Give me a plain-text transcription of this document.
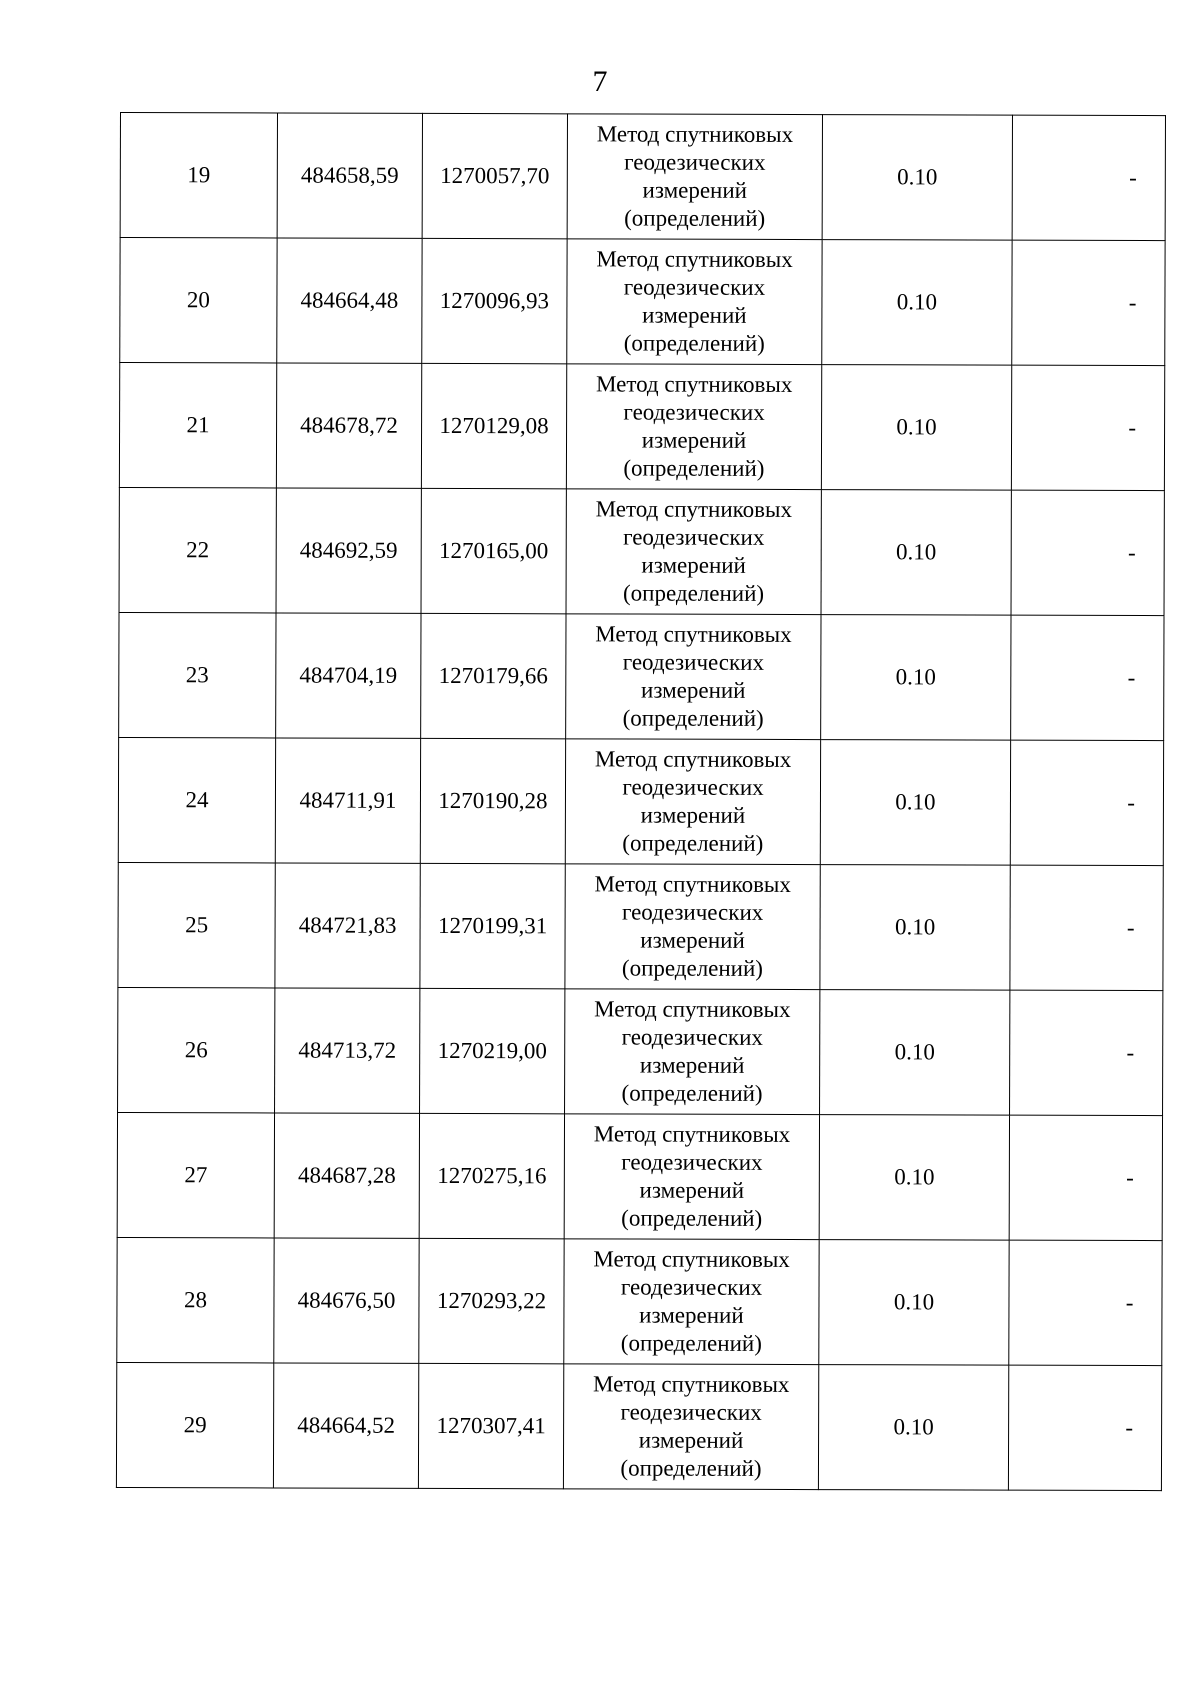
7
19	484658,59	1270057,70	Метод спутниковых геодезических измерений (определений)	0.10	-
20	484664,48	1270096,93	Метод спутниковых геодезических измерений (определений)	0.10	-
21	484678,72	1270129,08	Метод спутниковых геодезических измерений (определений)	0.10	-
22	484692,59	1270165,00	Метод спутниковых геодезических измерений (определений)	0.10	-
23	484704,19	1270179,66	Метод спутниковых геодезических измерений (определений)	0.10	-
24	484711,91	1270190,28	Метод спутниковых геодезических измерений (определений)	0.10	-
25	484721,83	1270199,31	Метод спутниковых геодезических измерений (определений)	0.10	-
26	484713,72	1270219,00	Метод спутниковых геодезических измерений (определений)	0.10	-
27	484687,28	1270275,16	Метод спутниковых геодезических измерений (определений)	0.10	-
28	484676,50	1270293,22	Метод спутниковых геодезических измерений (определений)	0.10	-
29	484664,52	1270307,41	Метод спутниковых геодезических измерений (определений)	0.10	-
